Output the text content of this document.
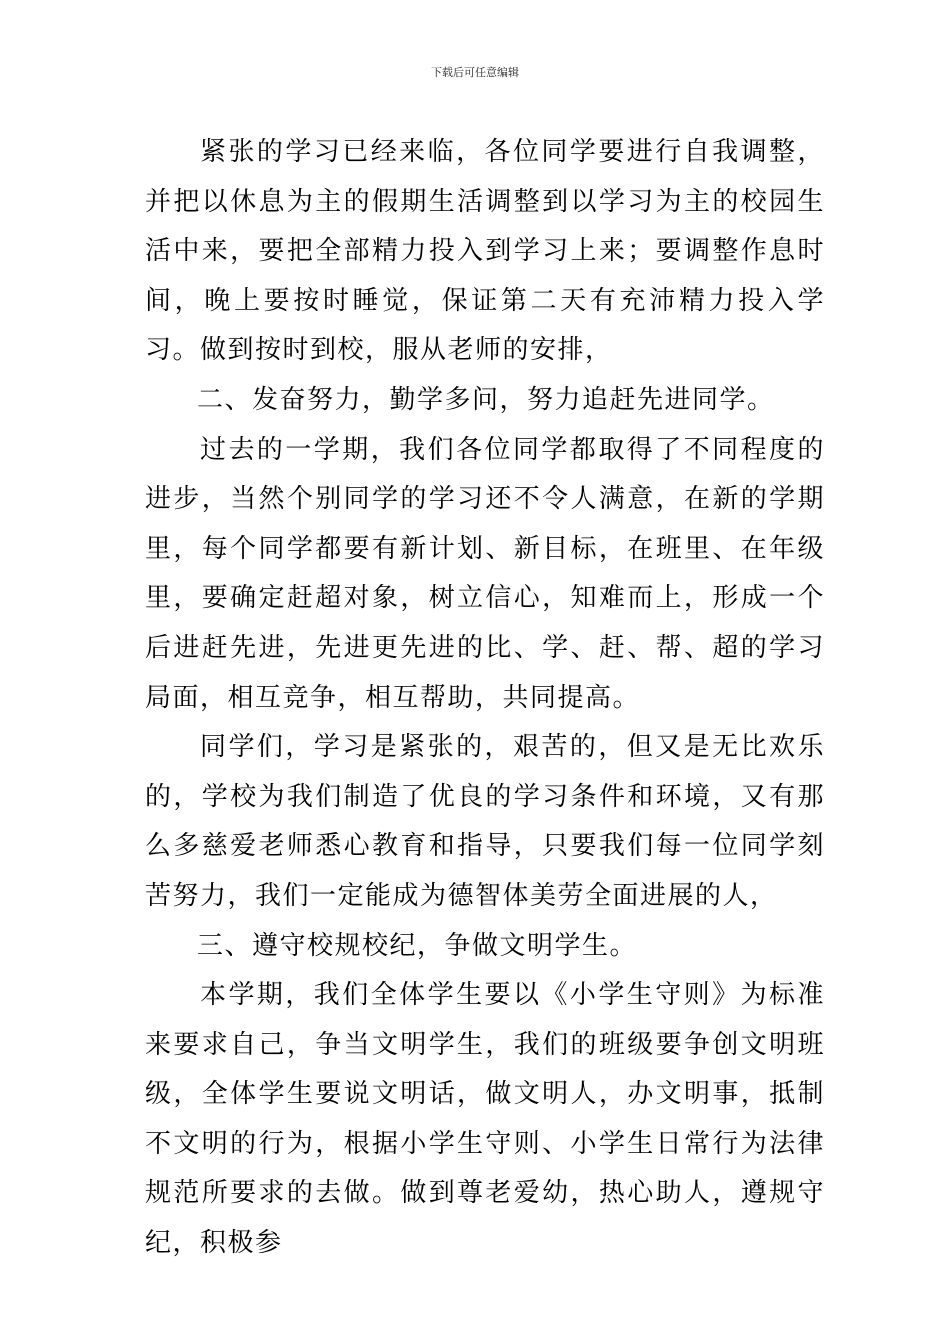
下载后可任意编辑

紧张的学习已经来临，各位同学要进行自我调整，并把以休息为主的假期生活调整到以学习为主的校园生活中来，要把全部精力投入到学习上来；要调整作息时间，晚上要按时睡觉，保证第二天有充沛精力投入学习。做到按时到校，服从老师的安排，

二、发奋努力，勤学多问，努力追赶先进同学。

过去的一学期，我们各位同学都取得了不同程度的进步，当然个别同学的学习还不令人满意，在新的学期里，每个同学都要有新计划、新目标，在班里、在年级里，要确定赶超对象，树立信心，知难而上，形成一个后进赶先进，先进更先进的比、学、赶、帮、超的学习局面，相互竞争，相互帮助，共同提高。

同学们，学习是紧张的，艰苦的，但又是无比欢乐的，学校为我们制造了优良的学习条件和环境，又有那么多慈爱老师悉心教育和指导，只要我们每一位同学刻苦努力，我们一定能成为德智体美劳全面进展的人，

三、遵守校规校纪，争做文明学生。

本学期，我们全体学生要以《小学生守则》为标准来要求自己，争当文明学生，我们的班级要争创文明班级，全体学生要说文明话，做文明人，办文明事，抵制不文明的行为，根据小学生守则、小学生日常行为法律规范所要求的去做。做到尊老爱幼，热心助人，遵规守纪，积极参
